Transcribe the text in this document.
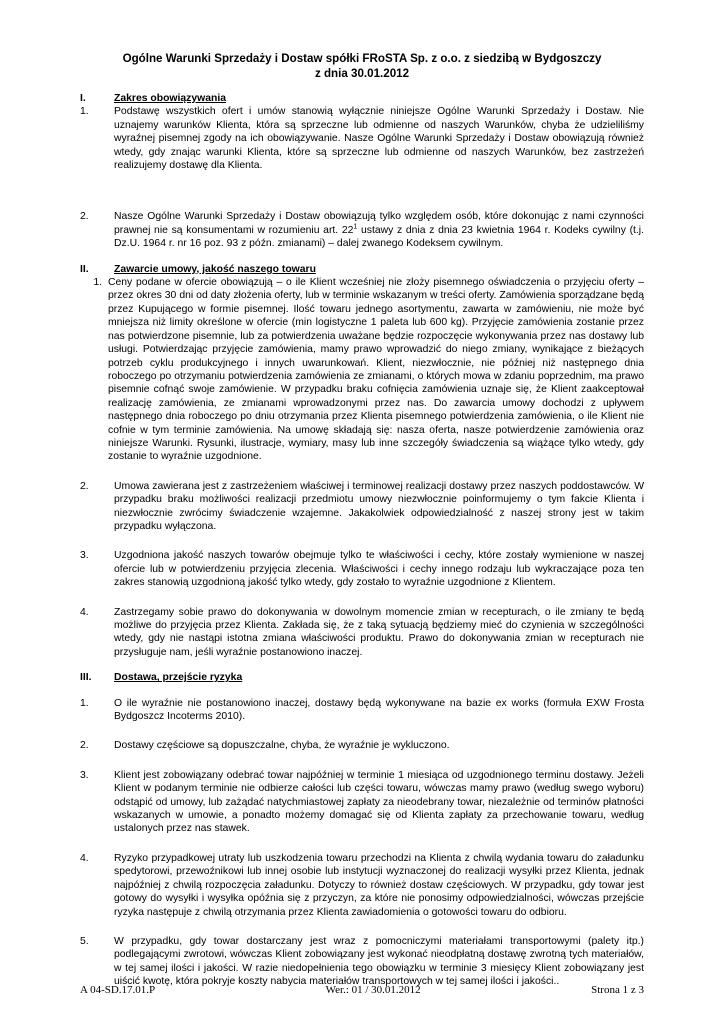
Ogólne Warunki Sprzedaży i Dostaw spółki FRoSTA Sp. z o.o. z siedzibą w Bydgoszczy
z dnia 30.01.2012
I.	Zakres obowiązywania
1.	Podstawę wszystkich ofert i umów stanowią wyłącznie niniejsze Ogólne Warunki Sprzedaży i Dostaw. Nie uznajemy warunków Klienta, która są sprzeczne lub odmienne od naszych Warunków, chyba że udzieliliśmy wyraźnej pisemnej zgody na ich obowiązywanie. Nasze Ogólne Warunki Sprzedaży i Dostaw obowiązują również wtedy, gdy znając warunki Klienta, które są sprzeczne lub odmienne od naszych Warunków, bez zastrzeżeń realizujemy dostawę dla Klienta.
2.	Nasze Ogólne Warunki Sprzedaży i Dostaw obowiązują tylko względem osób, które dokonując z nami czynności prawnej nie są konsumentami w rozumieniu art. $22^1$ ustawy z dnia z dnia 23 kwietnia 1964 r. Kodeks cywilny (t.j. Dz.U. 1964 r. nr 16 poz. 93 z późn. zmianami) – dalej zwanego Kodeksem cywilnym.
II. Zawarcie umowy, jakość naszego towaru
1. Ceny podane w ofercie obowiązują – o ile Klient wcześniej nie złoży pisemnego oświadczenia o przyjęciu oferty – przez okres 30 dni od daty złożenia oferty, lub w terminie wskazanym w treści oferty. Zamówienia sporządzane będą przez Kupującego w formie pisemnej. Ilość towaru jednego asortymentu, zawarta w zamówieniu, nie może być mniejsza niż limity określone w ofercie (min logistyczne 1 paleta lub 600 kg). Przyjęcie zamówienia zostanie przez nas potwierdzone pisemnie, lub za potwierdzenia uważane będzie rozpoczęcie wykonywania przez nas dostawy lub usługi. Potwierdzając przyjęcie zamówienia, mamy prawo wprowadzić do niego zmiany, wynikające z bieżących potrzeb cyklu produkcyjnego i innych uwarunkowań. Klient, niezwłocznie, nie później niż następnego dnia roboczego po otrzymaniu potwierdzenia zamówienia ze zmianami, o których mowa w zdaniu poprzednim, ma prawo pisemnie cofnąć swoje zamówienie. W przypadku braku cofnięcia zamówienia uznaje się, że Klient zaakceptował realizację zamówienia, ze zmianami wprowadzonymi przez nas. Do zawarcia umowy dochodzi z upływem następnego dnia roboczego po dniu otrzymania przez Klienta pisemnego potwierdzenia zamówienia, o ile Klient nie cofnie w tym terminie zamówienia. Na umowę składają się: nasza oferta, nasze potwierdzenie zamówienia oraz niniejsze Warunki. Rysunki, ilustracje, wymiary, masy lub inne szczegóły świadczenia są wiążące tylko wtedy, gdy zostanie to wyraźnie uzgodnione.
2.	Umowa zawierana jest z zastrzeżeniem właściwej i terminowej realizacji dostawy przez naszych poddostawców. W przypadku braku możliwości realizacji przedmiotu umowy niezwłocznie poinformujemy o tym fakcie Klienta i niezwłocznie zwrócimy świadczenie wzajemne. Jakakolwiek odpowiedzialność z naszej strony jest w takim przypadku wyłączona.
3.	Uzgodniona jakość naszych towarów obejmuje tylko te właściwości i cechy, które zostały wymienione w naszej ofercie lub w potwierdzeniu przyjęcia zlecenia. Właściwości i cechy innego rodzaju lub wykraczające poza ten zakres stanowią uzgodnioną jakość tylko wtedy, gdy zostało to wyraźnie uzgodnione z Klientem.
4.	Zastrzegamy sobie prawo do dokonywania w dowolnym momencie zmian w recepturach, o ile zmiany te będą możliwe do przyjęcia przez Klienta. Zakłada się, że z taką sytuacją będziemy mieć do czynienia w szczególności wtedy, gdy nie nastąpi istotna zmiana właściwości produktu. Prawo do dokonywania zmian w recepturach nie przysługuje nam, jeśli wyraźnie postanowiono inaczej.
III. Dostawa, przejście ryzyka
1.	O ile wyraźnie nie postanowiono inaczej, dostawy będą wykonywane na bazie ex works (formuła EXW Frosta Bydgoszcz Incoterms 2010).
2.	Dostawy częściowe są dopuszczalne, chyba, że wyraźnie je wykluczono.
3.	Klient jest zobowiązany odebrać towar najpóźniej w terminie 1 miesiąca od uzgodnionego terminu dostawy. Jeżeli Klient w podanym terminie nie odbierze całości lub części towaru, wówczas mamy prawo (według swego wyboru) odstąpić od umowy, lub zażądać natychmiastowej zapłaty za nieodebrany towar, niezależnie od terminów płatności wskazanych w umowie, a ponadto możemy domagać się od Klienta zapłaty za przechowanie towaru, według ustalonych przez nas stawek.
4.	Ryzyko przypadkowej utraty lub uszkodzenia towaru przechodzi na Klienta z chwilą wydania towaru do załadunku spedytorowi, przewoźnikowi lub innej osobie lub instytucji wyznaczonej do realizacji wysyłki przez Klienta, jednak najpóźniej z chwilą rozpoczęcia załadunku. Dotyczy to również dostaw częściowych. W przypadku, gdy towar jest gotowy do wysyłki i wysyłka opóźnia się z przyczyn, za które nie ponosimy odpowiedzialności, wówczas przejście ryzyka następuje z chwilą otrzymania przez Klienta zawiadomienia o gotowości towaru do odbioru.
5.	W przypadku, gdy towar dostarczany jest wraz z pomocniczymi materiałami transportowymi (palety itp.) podlegającymi zwrotowi, wówczas Klient zobowiązany jest wykonać nieodpłatną dostawę zwrotną tych materiałów, w tej samej ilości i jakości. W razie niedopełnienia tego obowiązku w terminie 3 miesięcy Klient zobowiązany jest uiścić kwotę, która pokryje koszty nabycia materiałów transportowych w tej samej ilości i jakości..
A 04-SD.17.01.P	Wer.: 01 / 30.01.2012	Strona 1 z 3
